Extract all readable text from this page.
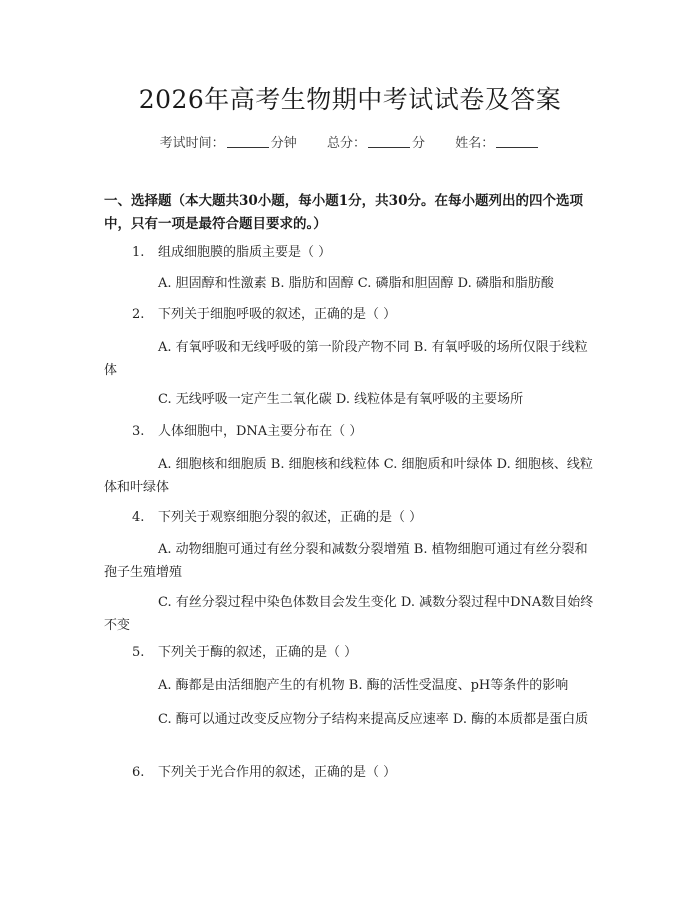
2026年高考生物期中考试试卷及答案
考试时间：	分钟 总分：	分 姓名：
一、选择题（本大题共30小题，每小题1分，共30分。在每小题列出的四个选项中，只有一项是最符合题目要求的。）
1. 组成细胞膜的脂质主要是（ ）
A. 胆固醇和性激素 B. 脂肪和固醇 C. 磷脂和胆固醇 D. 磷脂和脂肪酸
2. 下列关于细胞呼吸的叙述，正确的是（ ）
A. 有氧呼吸和无线呼吸的第一阶段产物不同 B. 有氧呼吸的场所仅限于线粒体
C. 无线呼吸一定产生二氧化碳 D. 线粒体是有氧呼吸的主要场所
3. 人体细胞中，DNA主要分布在（ ）
A. 细胞核和细胞质 B. 细胞核和线粒体 C. 细胞质和叶绿体 D. 细胞核、线粒体和叶绿体
4. 下列关于观察细胞分裂的叙述，正确的是（ ）
A. 动物细胞可通过有丝分裂和减数分裂增殖 B. 植物细胞可通过有丝分裂和孢子生殖增殖
C. 有丝分裂过程中染色体数目会发生变化 D. 减数分裂过程中DNA数目始终不变
5. 下列关于酶的叙述，正确的是（ ）
A. 酶都是由活细胞产生的有机物 B. 酶的活性受温度、pH等条件的影响
C. 酶可以通过改变反应物分子结构来提高反应速率 D. 酶的本质都是蛋白质
6. 下列关于光合作用的叙述，正确的是（ ）
